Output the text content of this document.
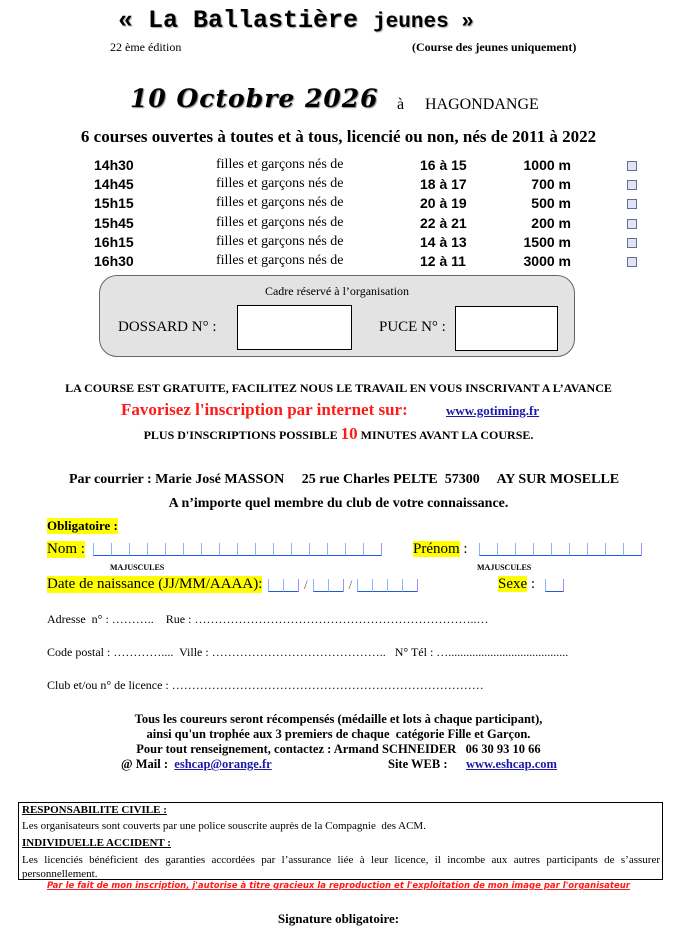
« La Ballastière jeunes »
22 ème édition	(Course des jeunes uniquement)
10 Octobre 2026 à HAGONDANGE
6 courses ouvertes à toutes et à tous, licencié ou non, nés de 2011 à 2022
14h30	filles et garçons nés de	16 à 15	1000 m
14h45	filles et garçons nés de	18 à 17	700 m
15h15	filles et garçons nés de	20 à 19	500 m
15h45	filles et garçons nés de	22 à 21	200 m
16h15	filles et garçons nés de	14 à 13	1500 m
16h30	filles et garçons nés de	12 à 11	3000 m
Cadre réservé à l’organisation
DOSSARD N° :	PUCE N° :
LA COURSE EST GRATUITE, FACILITEZ NOUS LE TRAVAIL EN VOUS INSCRIVANT A L’AVANCE
Favorisez l'inscription par internet sur:	www.gotiming.fr
PLUS D'INSCRIPTIONS POSSIBLE 10 MINUTES AVANT LA COURSE.
Par courrier : Marie José MASSON     25 rue Charles PELTE  57300     AY SUR MOSELLE
A n’importe quel membre du club de votre connaissance.
Obligatoire :
Nom :	Prénom :
MAJUSCULES	MAJUSCULES
Date de naissance (JJ/MM/AAAA):	/	/	Sexe :
Adresse  n° : ………..    Rue : ……………………………………………………………..…
Code postal : …………....  Ville : ……………………………………..   N° Tél : …........................................
Club et/ou n° de licence : ……………………………………………………………………
Tous les coureurs seront récompensés (médaille et lots à chaque participant),
ainsi qu'un trophée aux 3 premiers de chaque  catégorie Fille et Garçon.
Pour tout renseignement, contactez : Armand SCHNEIDER   06 30 93 10 66
@ Mail :  eshcap@orange.fr	Site WEB : www.eshcap.com
RESPONSABILITE CIVILE :
Les organisateurs sont couverts par une police souscrite auprès de la Compagnie  des ACM.
INDIVIDUELLE ACCIDENT :
Les licenciés bénéficient des garanties accordées par l’assurance liée à leur licence, il incombe aux autres participants de s’assurer personnellement.
Par le fait de mon inscription, j'autorise à titre gracieux la reproduction et l'exploitation de mon image par l'organisateur
Signature obligatoire:
